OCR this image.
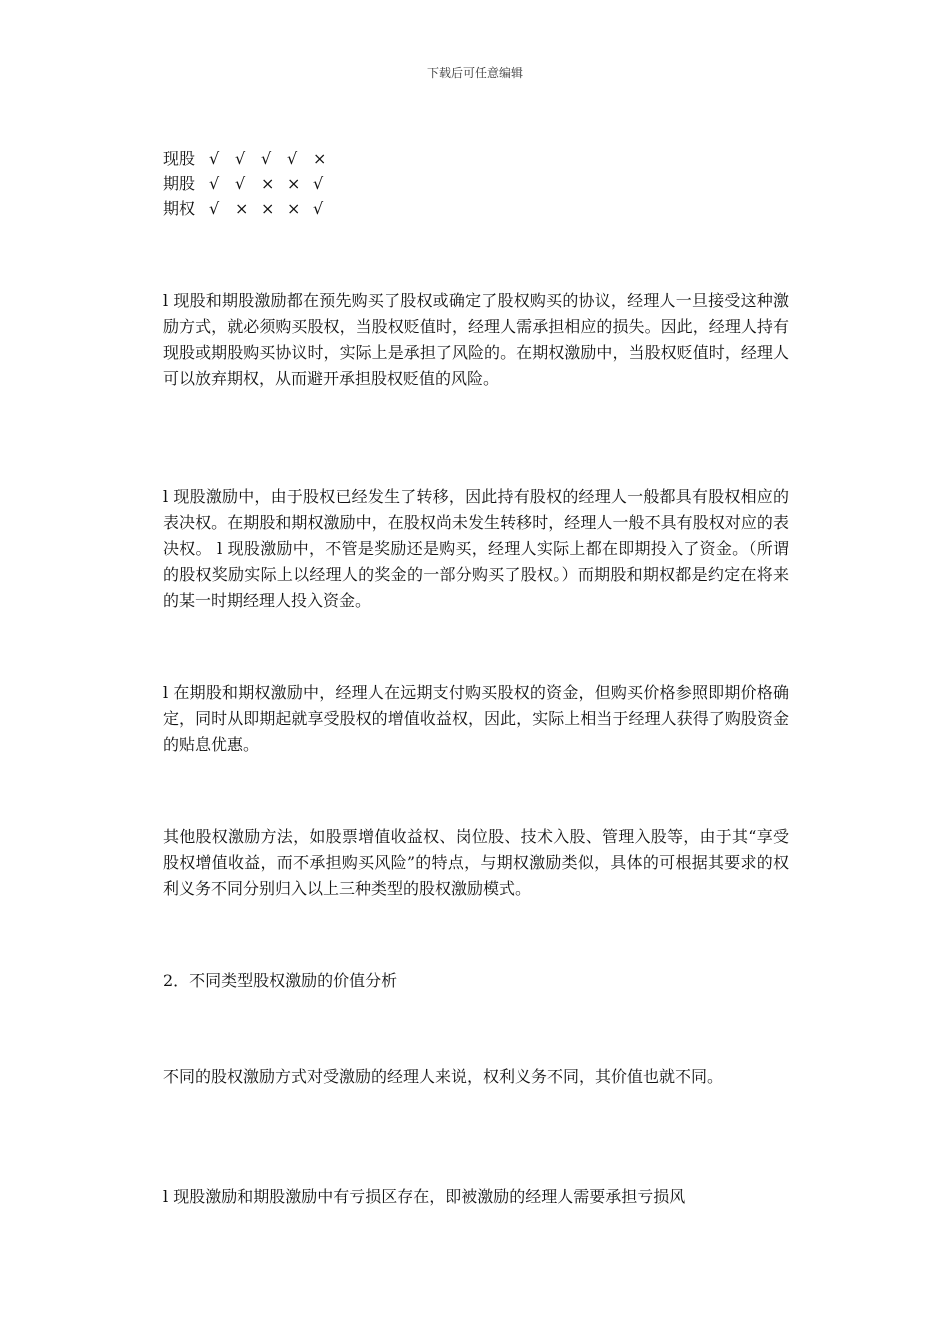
下载后可任意编辑
现股 √ √ √ √ ×
期股 √ √ × × √
期权 √ × × × √

l 现股和期股激励都在预先购买了股权或确定了股权购买的协议，经理人一旦接受这种激励方式，就必须购买股权，当股权贬值时，经理人需承担相应的损失。因此，经理人持有现股或期股购买协议时，实际上是承担了风险的。在期权激励中，当股权贬值时，经理人可以放弃期权，从而避开承担股权贬值的风险。

l 现股激励中，由于股权已经发生了转移，因此持有股权的经理人一般都具有股权相应的表决权。在期股和期权激励中，在股权尚未发生转移时，经理人一般不具有股权对应的表决权。 l 现股激励中，不管是奖励还是购买，经理人实际上都在即期投入了资金。（所谓的股权奖励实际上以经理人的奖金的一部分购买了股权。）而期股和期权都是约定在将来的某一时期经理人投入资金。

l 在期股和期权激励中，经理人在远期支付购买股权的资金，但购买价格参照即期价格确定，同时从即期起就享受股权的增值收益权，因此，实际上相当于经理人获得了购股资金的贴息优惠。

其他股权激励方法，如股票增值收益权、岗位股、技术入股、管理入股等，由于其“享受股权增值收益，而不承担购买风险”的特点，与期权激励类似，具体的可根据其要求的权利义务不同分别归入以上三种类型的股权激励模式。

2．不同类型股权激励的价值分析

不同的股权激励方式对受激励的经理人来说，权利义务不同，其价值也就不同。

l 现股激励和期股激励中有亏损区存在，即被激励的经理人需要承担亏损风
